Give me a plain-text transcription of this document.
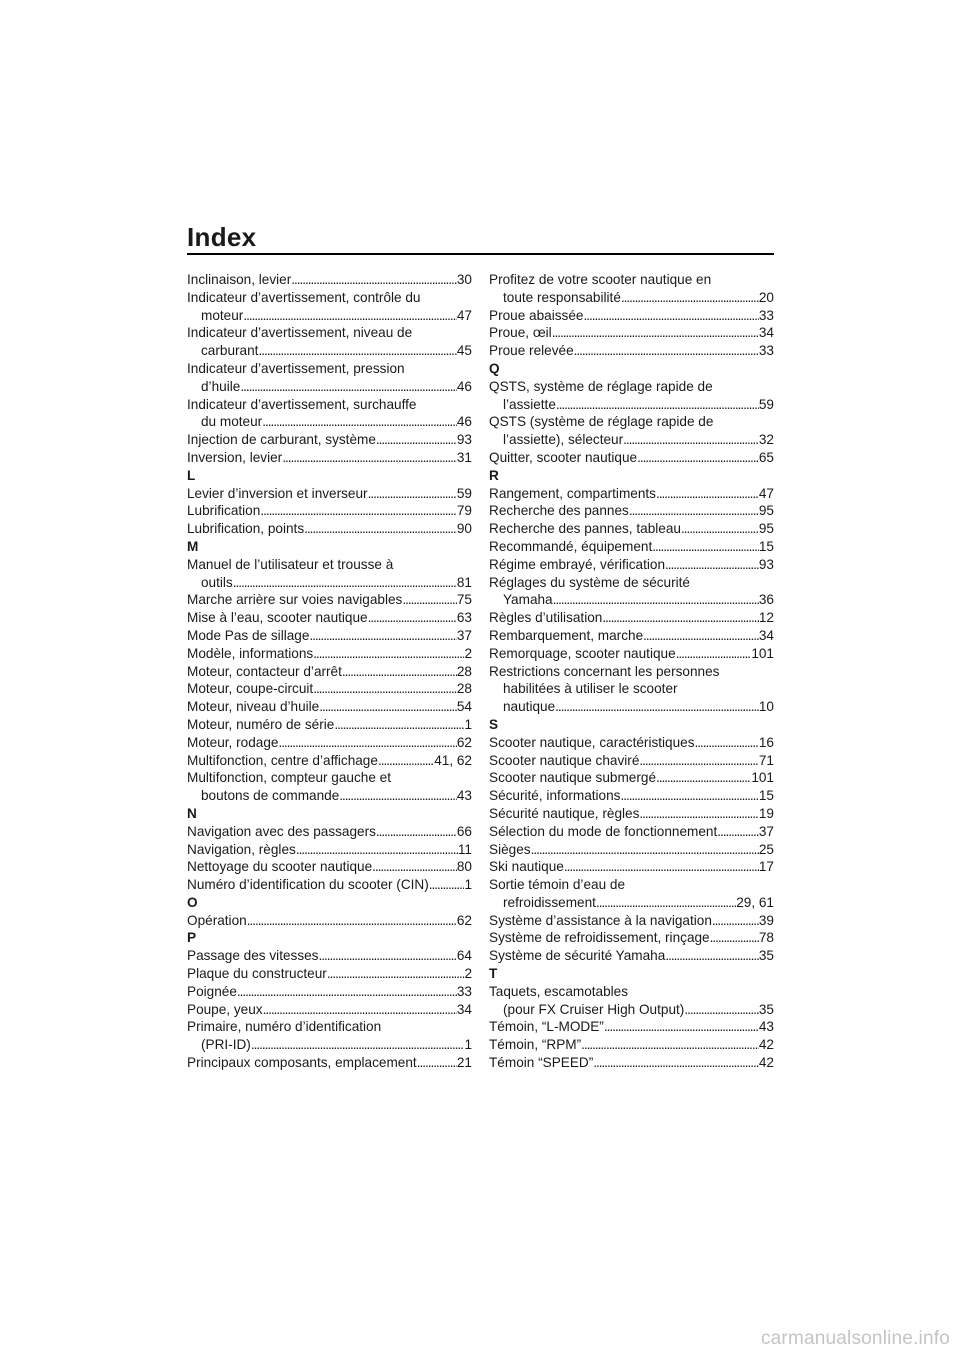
Index
Inclinaison, levier . . .	30
Indicateur d’avertissement, contrôle du
moteur . . .	47
Indicateur d’avertissement, niveau de
carburant . . .	45
Indicateur d’avertissement, pression
d’huile . . .	46
Indicateur d’avertissement, surchauffe
du moteur . . .	46
Injection de carburant, système . . .	93
Inversion, levier . . .	31
L
Levier d’inversion et inverseur . . .	59
Lubrification . . .	79
Lubrification, points . . .	90
M
Manuel de l’utilisateur et trousse à
outils . . .	81
Marche arrière sur voies navigables . . .	75
Mise à l’eau, scooter nautique . . .	63
Mode Pas de sillage . . .	37
Modèle, informations . . .	2
Moteur, contacteur d’arrêt . . .	28
Moteur, coupe-circuit . . .	28
Moteur, niveau d’huile . . .	54
Moteur, numéro de série . . .	1
Moteur, rodage . . .	62
Multifonction, centre d’affichage . . .	41, 62
Multifonction, compteur gauche et
boutons de commande . . .	43
N
Navigation avec des passagers . . .	66
Navigation, règles . . .	11
Nettoyage du scooter nautique . . .	80
Numéro d’identification du scooter (CIN) . . .	1
O
Opération . . .	62
P
Passage des vitesses . . .	64
Plaque du constructeur . . .	2
Poignée . . .	33
Poupe, yeux . . .	34
Primaire, numéro d’identification
(PRI-ID) . . .	1
Principaux composants, emplacement . . .	21
Profitez de votre scooter nautique en
toute responsabilité . . .	20
Proue abaissée . . .	33
Proue, œil . . .	34
Proue relevée . . .	33
Q
QSTS, système de réglage rapide de
l’assiette . . .	59
QSTS (système de réglage rapide de
l’assiette), sélecteur . . .	32
Quitter, scooter nautique . . .	65
R
Rangement, compartiments . . .	47
Recherche des pannes . . .	95
Recherche des pannes, tableau . . .	95
Recommandé, équipement . . .	15
Régime embrayé, vérification . . .	93
Réglages du système de sécurité
Yamaha . . .	36
Règles d’utilisation . . .	12
Rembarquement, marche . . .	34
Remorquage, scooter nautique . . .	101
Restrictions concernant les personnes
habilitées à utiliser le scooter
nautique . . .	10
S
Scooter nautique, caractéristiques . . .	16
Scooter nautique chaviré . . .	71
Scooter nautique submergé . . .	101
Sécurité, informations . . .	15
Sécurité nautique, règles . . .	19
Sélection du mode de fonctionnement . . .	37
Sièges . . .	25
Ski nautique . . .	17
Sortie témoin d’eau de
refroidissement . . .	29, 61
Système d’assistance à la navigation . . .	39
Système de refroidissement, rinçage . . .	78
Système de sécurité Yamaha . . .	35
T
Taquets, escamotables
(pour FX Cruiser High Output) . . .	35
Témoin, “L-MODE” . . .	43
Témoin, “RPM” . . .	42
Témoin “SPEED” . . .	42
carmanualsonline.info
